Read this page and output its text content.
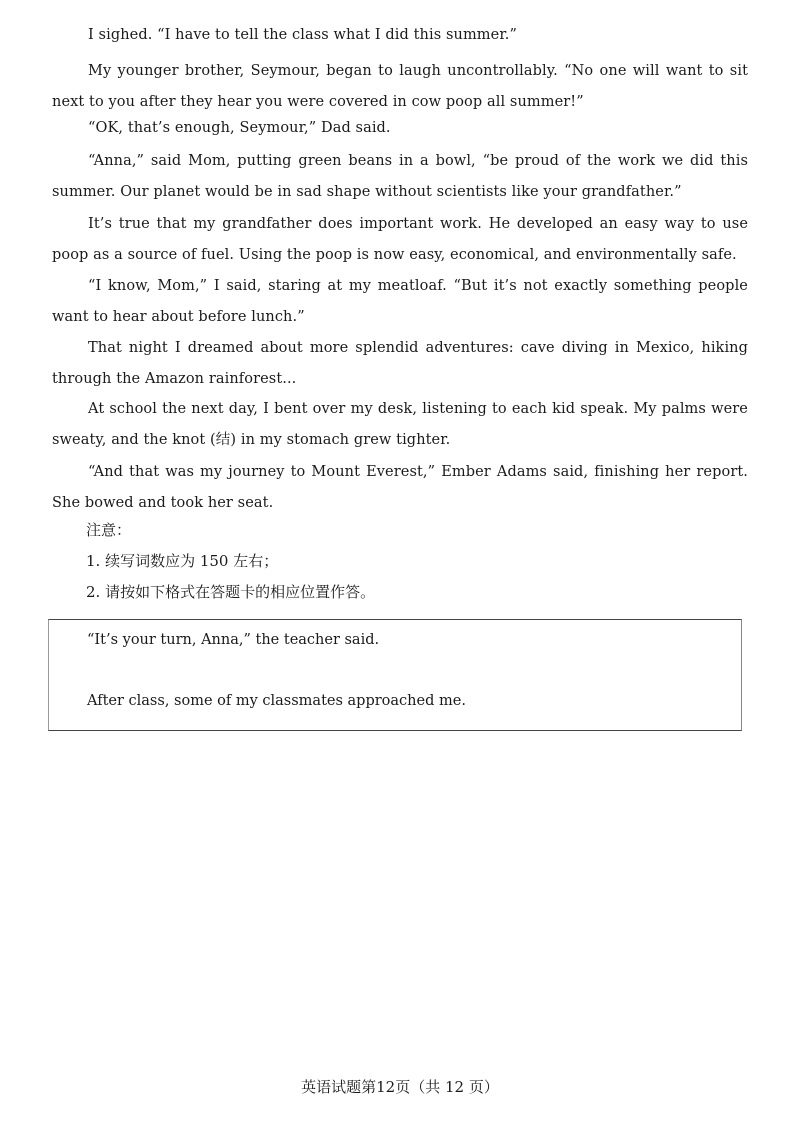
I sighed. “I have to tell the class what I did this summer.”

My younger brother, Seymour, began to laugh uncontrollably. “No one will want to sit next to you after they hear you were covered in cow poop all summer!”

“OK, that’s enough, Seymour,” Dad said.

“Anna,” said Mom, putting green beans in a bowl, “be proud of the work we did this summer. Our planet would be in sad shape without scientists like your grandfather.”

It’s true that my grandfather does important work. He developed an easy way to use poop as a source of fuel. Using the poop is now easy, economical, and environmentally safe.

“I know, Mom,” I said, staring at my meatloaf. “But it’s not exactly something people want to hear about before lunch.”

That night I dreamed about more splendid adventures: cave diving in Mexico, hiking through the Amazon rainforest...

At school the next day, I bent over my desk, listening to each kid speak. My palms were sweaty, and the knot (结) in my stomach grew tighter.

“And that was my journey to Mount Everest,” Ember Adams said, finishing her report. She bowed and took her seat.

注意：

1. 续写词数应为 150 左右；

2. 请按如下格式在答题卡的相应位置作答。

“It’s your turn, Anna,” the teacher said.

After class, some of my classmates approached me.

英语试题第12页（共 12 页）
